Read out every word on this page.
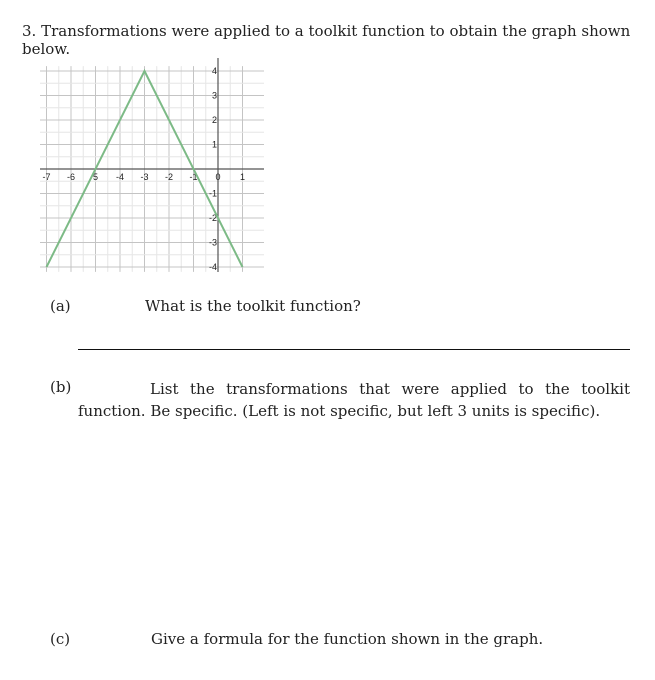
3. Transformations were applied to a toolkit function to obtain the graph shown below.
-7 -6 5 -4 -3 -2 -1 0 1
4
3
2
1
-1
-2
-3
-4
(a)	What is the toolkit function?
(b)	List the transformations that were applied to the toolkit function. Be specific. (Left is not specific, but left 3 units is specific).
(c)	Give a formula for the function shown in the graph.
